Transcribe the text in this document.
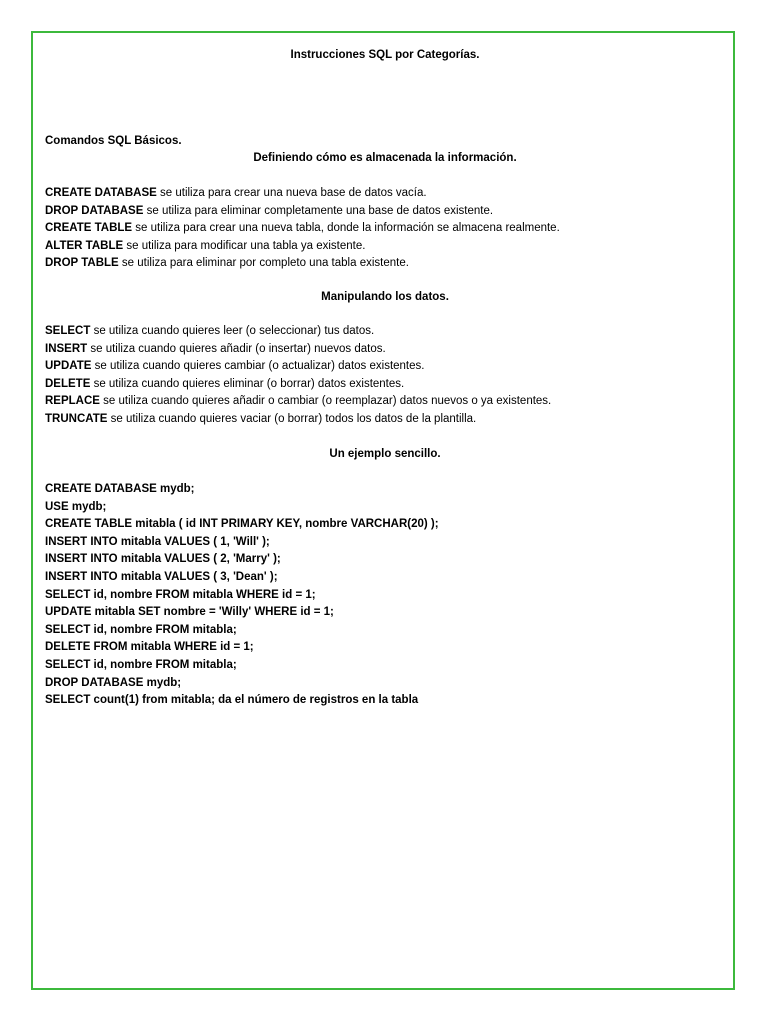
Instrucciones SQL por Categorías.
Comandos SQL Básicos.
Definiendo cómo es almacenada la información.
CREATE DATABASE se utiliza para crear una nueva base de datos vacía.
DROP DATABASE se utiliza para eliminar completamente una base de datos existente.
CREATE TABLE se utiliza para crear una nueva tabla, donde la información se almacena realmente.
ALTER TABLE se utiliza para modificar una tabla ya existente.
DROP TABLE se utiliza para eliminar por completo una tabla existente.
Manipulando los datos.
SELECT se utiliza cuando quieres leer (o seleccionar) tus datos.
INSERT se utiliza cuando quieres añadir (o insertar) nuevos datos.
UPDATE se utiliza cuando quieres cambiar (o actualizar) datos existentes.
DELETE se utiliza cuando quieres eliminar (o borrar) datos existentes.
REPLACE se utiliza cuando quieres añadir o cambiar (o reemplazar) datos nuevos o ya existentes.
TRUNCATE se utiliza cuando quieres vaciar (o borrar) todos los datos de la plantilla.
Un ejemplo sencillo.
CREATE DATABASE mydb;
USE mydb;
CREATE TABLE mitabla ( id INT PRIMARY KEY, nombre VARCHAR(20) );
INSERT INTO mitabla VALUES ( 1, 'Will' );
INSERT INTO mitabla VALUES ( 2, 'Marry' );
INSERT INTO mitabla VALUES ( 3, 'Dean' );
SELECT id, nombre FROM mitabla WHERE id = 1;
UPDATE mitabla SET nombre = 'Willy' WHERE id = 1;
SELECT id, nombre FROM mitabla;
DELETE FROM mitabla WHERE id = 1;
SELECT id, nombre FROM mitabla;
DROP DATABASE mydb;
SELECT count(1) from mitabla; da el número de registros en la tabla
